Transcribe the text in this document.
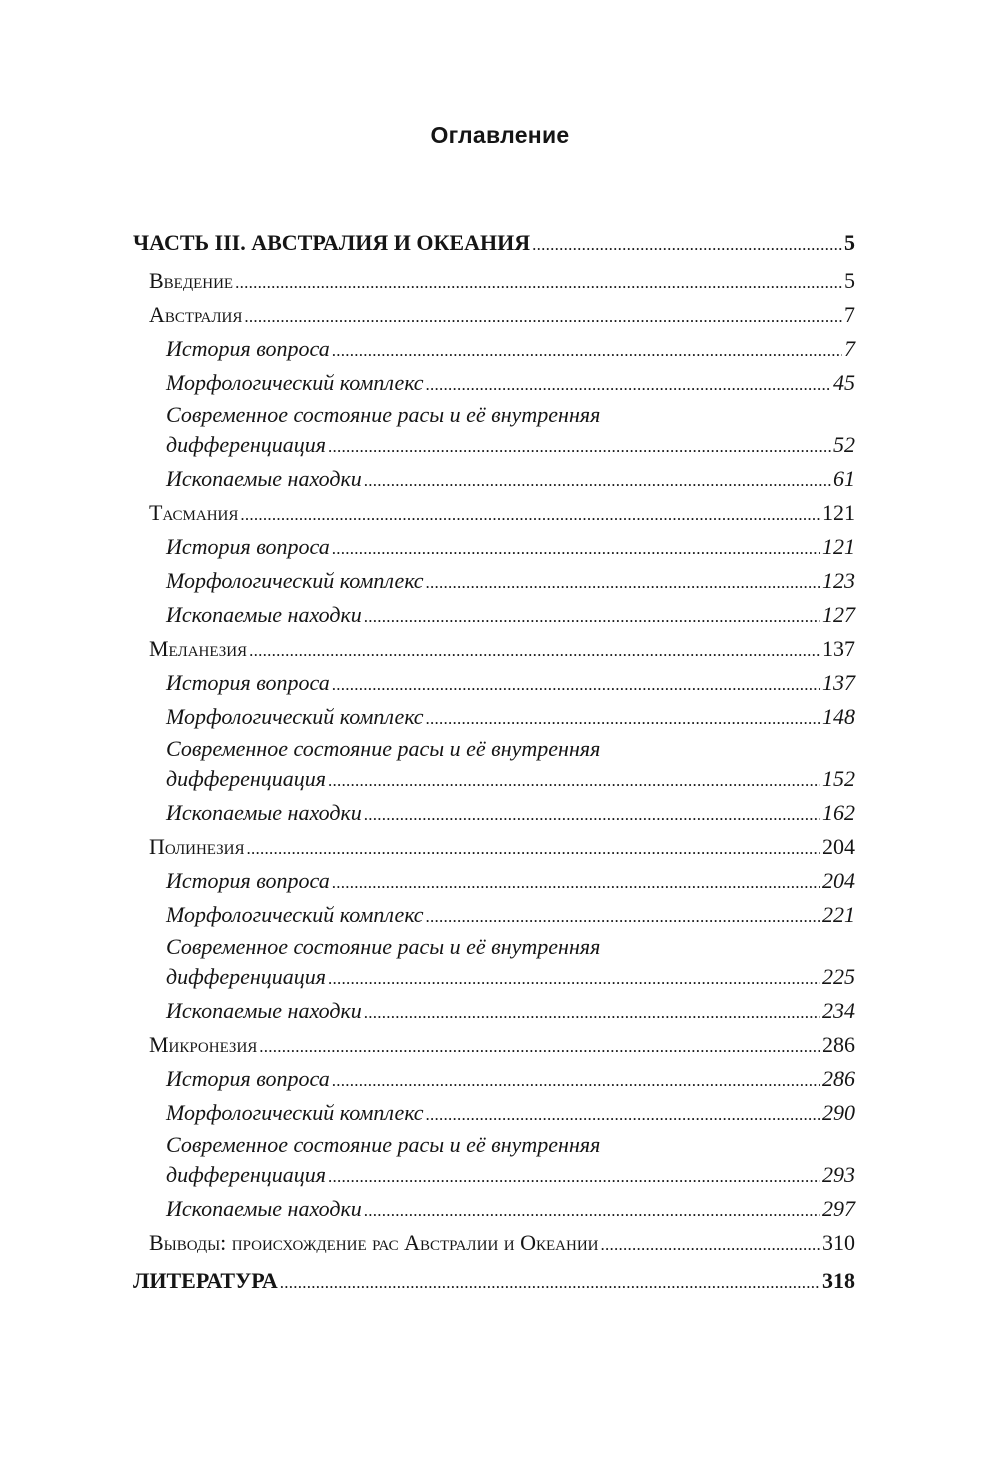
Оглавление
ЧАСТЬ III. АВСТРАЛИЯ И ОКЕАНИЯ . . .	5
Введение . . .	5
Австралия . . .	7
История вопроса . . .	7
Морфологический комплекс . . .	45
Современное состояние расы и её внутренняя
дифференциация . . .	52
Ископаемые находки . . .	61
Тасмания . . .	121
История вопроса . . .	121
Морфологический комплекс . . .	123
Ископаемые находки . . .	127
Меланезия . . .	137
История вопроса . . .	137
Морфологический комплекс . . .	148
Современное состояние расы и её внутренняя
дифференциация . . .	152
Ископаемые находки . . .	162
Полинезия . . .	204
История вопроса . . .	204
Морфологический комплекс . . .	221
Современное состояние расы и её внутренняя
дифференциация . . .	225
Ископаемые находки . . .	234
Микронезия . . .	286
История вопроса . . .	286
Морфологический комплекс . . .	290
Современное состояние расы и её внутренняя
дифференциация . . .	293
Ископаемые находки . . .	297
Выводы: происхождение рас Австралии и Океании . . .	310
ЛИТЕРАТУРА . . .	318
